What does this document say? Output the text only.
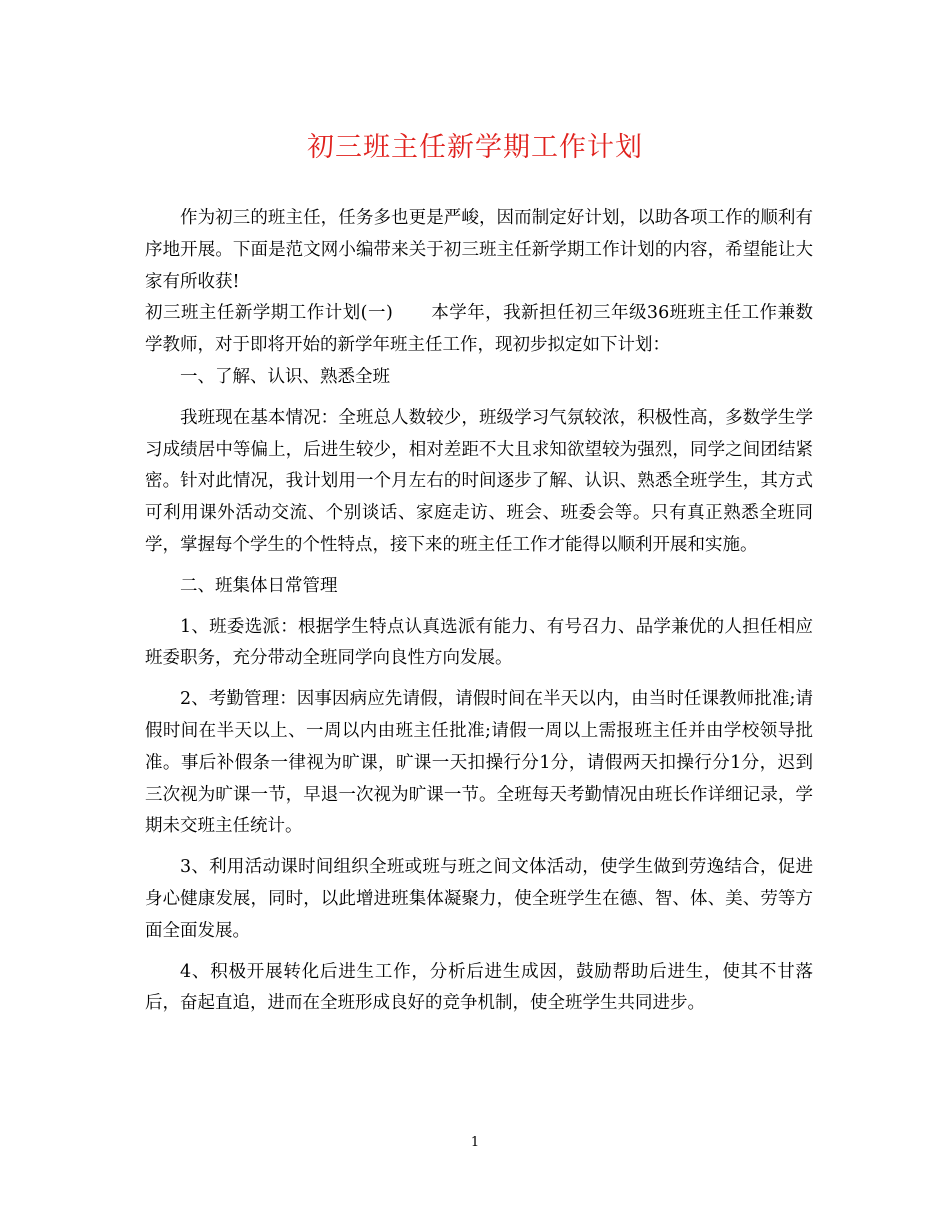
初三班主任新学期工作计划

作为初三的班主任，任务多也更是严峻，因而制定好计划，以助各项工作的顺利有序地开展。下面是范文网小编带来关于初三班主任新学期工作计划的内容，希望能让大家有所收获!

初三班主任新学期工作计划(一) 本学年，我新担任初三年级36班班主任工作兼数学教师，对于即将开始的新学年班主任工作，现初步拟定如下计划：

一、了解、认识、熟悉全班

我班现在基本情况：全班总人数较少，班级学习气氛较浓，积极性高，多数学生学习成绩居中等偏上，后进生较少，相对差距不大且求知欲望较为强烈，同学之间团结紧密。针对此情况，我计划用一个月左右的时间逐步了解、认识、熟悉全班学生，其方式可利用课外活动交流、个别谈话、家庭走访、班会、班委会等。只有真正熟悉全班同学，掌握每个学生的个性特点，接下来的班主任工作才能得以顺利开展和实施。

二、班集体日常管理

1、班委选派：根据学生特点认真选派有能力、有号召力、品学兼优的人担任相应班委职务，充分带动全班同学向良性方向发展。

2、考勤管理：因事因病应先请假，请假时间在半天以内，由当时任课教师批准;请假时间在半天以上、一周以内由班主任批准;请假一周以上需报班主任并由学校领导批准。事后补假条一律视为旷课，旷课一天扣操行分1分，请假两天扣操行分1分，迟到三次视为旷课一节，早退一次视为旷课一节。全班每天考勤情况由班长作详细记录，学期未交班主任统计。

3、利用活动课时间组织全班或班与班之间文体活动，使学生做到劳逸结合，促进身心健康发展，同时，以此增进班集体凝聚力，使全班学生在德、智、体、美、劳等方面全面发展。

4、积极开展转化后进生工作，分析后进生成因，鼓励帮助后进生，使其不甘落后，奋起直追，进而在全班形成良好的竞争机制，使全班学生共同进步。

1
